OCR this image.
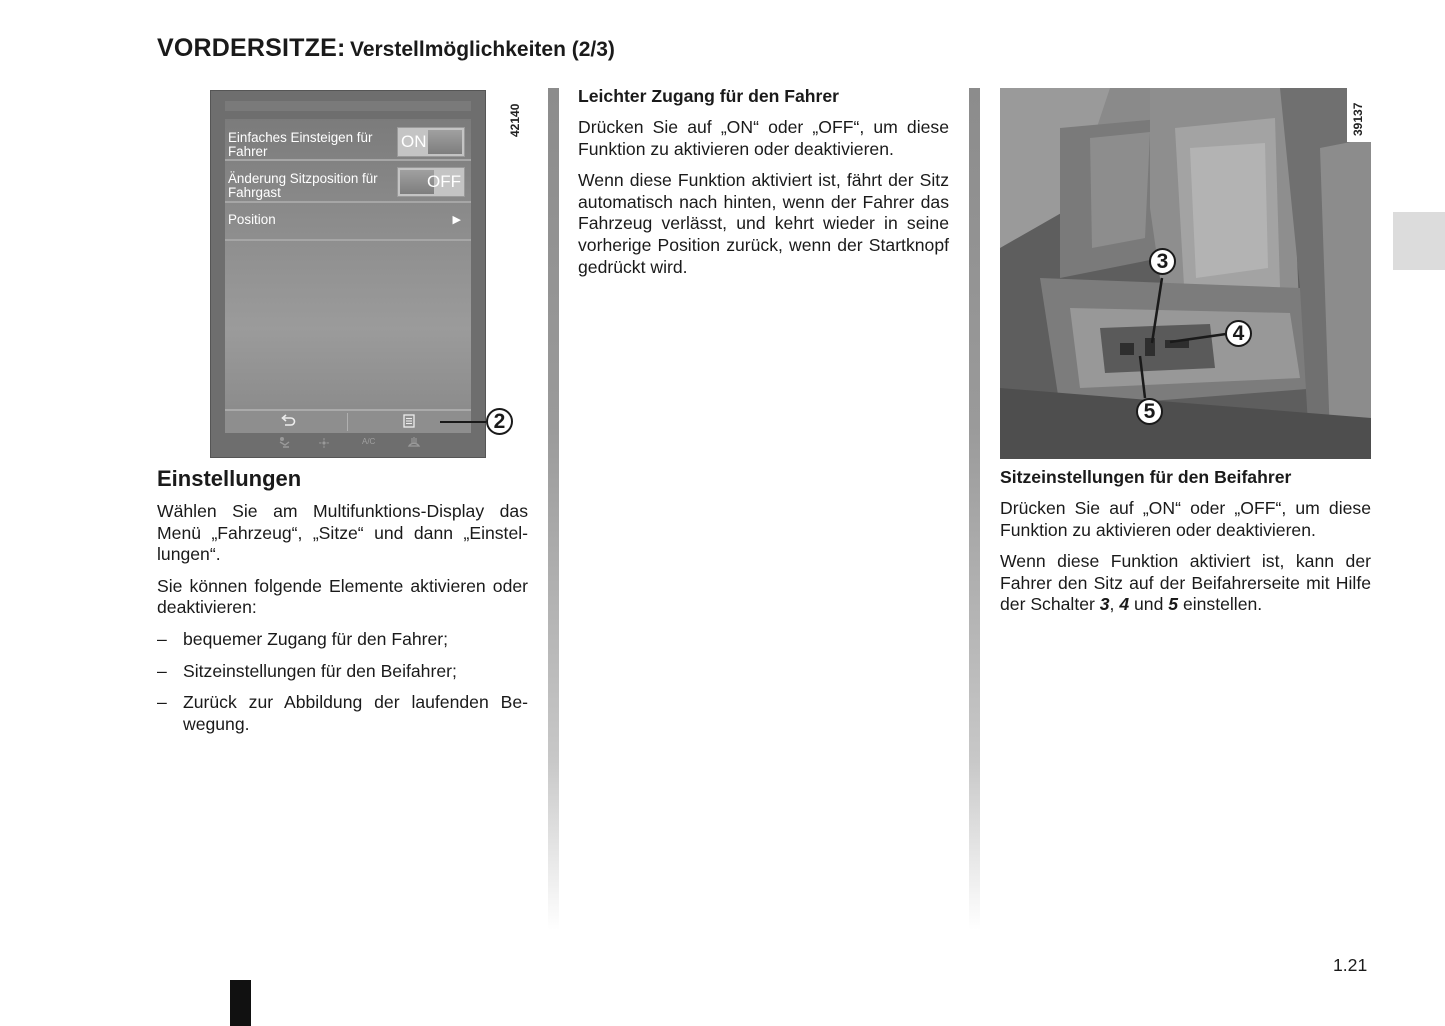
VORDERSITZE: Verstellmöglichkeiten (2/3)
Einfaches Einsteigen für Fahrer
ON
Änderung Sitzposition für Fahrgast
OFF
Position	▶
A/C
42140
2

Einstellungen

Wählen Sie am Multifunktions-Display das Menü „Fahrzeug“, „Sitze“ und dann „Einstel-lungen“.

Sie können folgende Elemente aktivieren oder deaktivieren:

– bequemer Zugang für den Fahrer;
– Sitzeinstellungen für den Beifahrer;
– Zurück zur Abbildung der laufenden Be-wegung.

Leichter Zugang für den Fahrer

Drücken Sie auf „ON“ oder „OFF“, um diese Funktion zu aktivieren oder deaktivieren.

Wenn diese Funktion aktiviert ist, fährt der Sitz automatisch nach hinten, wenn der Fahrer das Fahrzeug verlässt, und kehrt wieder in seine vorherige Position zurück, wenn der Startknopf gedrückt wird.	3
4
5
39137

Sitzeinstellungen für den Beifahrer

Drücken Sie auf „ON“ oder „OFF“, um diese Funktion zu aktivieren oder deaktivieren.

Wenn diese Funktion aktiviert ist, kann der Fahrer den Sitz auf der Beifahrerseite mit Hilfe der Schalter 3, 4 und 5 einstellen.

1.21
